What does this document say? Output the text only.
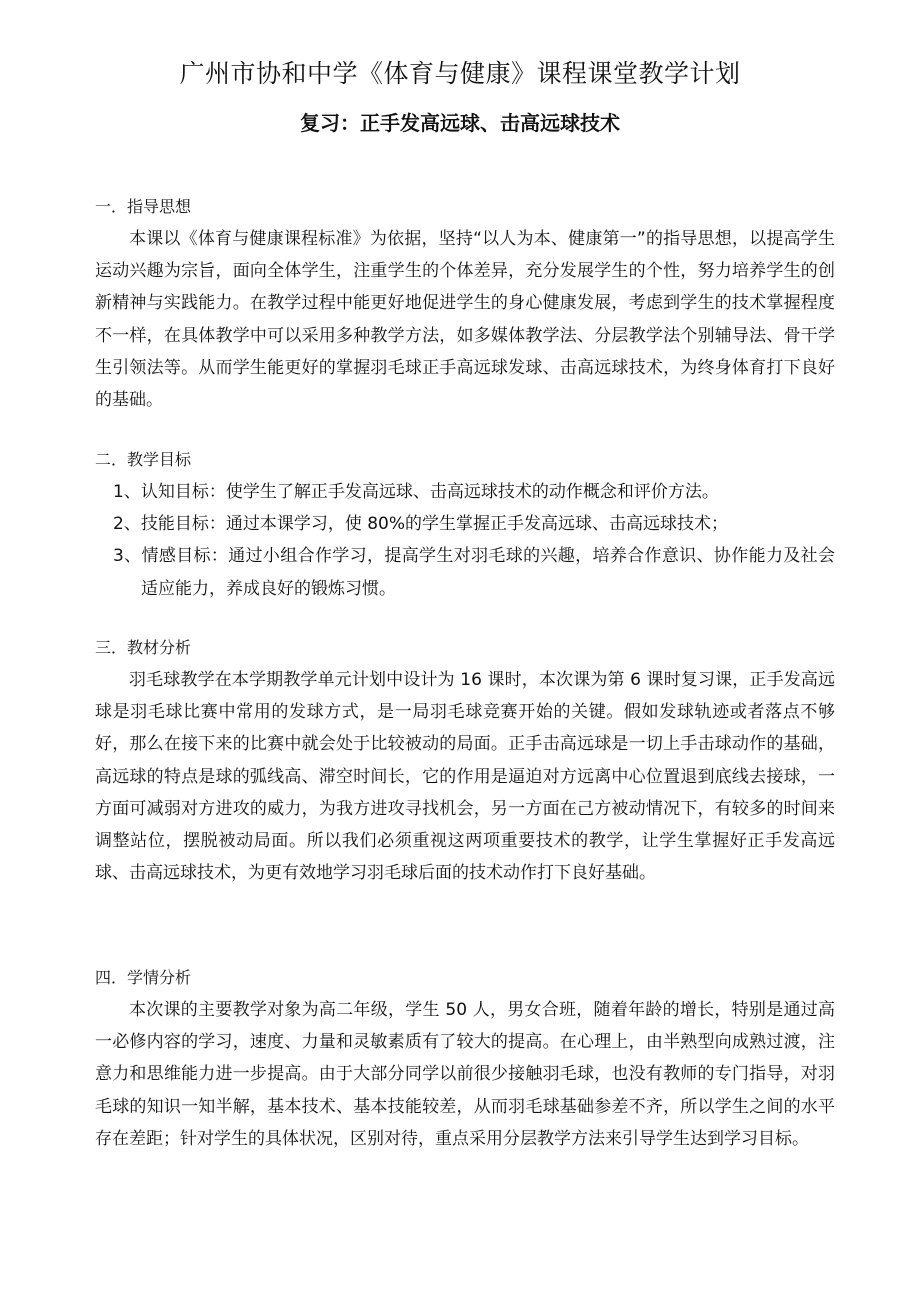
广州市协和中学《体育与健康》课程课堂教学计划
复习：正手发高远球、击高远球技术
一．指导思想

本课以《体育与健康课程标准》为依据，坚持“以人为本、健康第一”的指导思想，以提高学生运动兴趣为宗旨，面向全体学生，注重学生的个体差异，充分发展学生的个性，努力培养学生的创新精神与实践能力。在教学过程中能更好地促进学生的身心健康发展，考虑到学生的技术掌握程度不一样，在具体教学中可以采用多种教学方法，如多媒体教学法、分层教学法个别辅导法、骨干学生引领法等。从而学生能更好的掌握羽毛球正手高远球发球、击高远球技术，为终身体育打下良好的基础。

二．教学目标
1、认知目标：使学生了解正手发高远球、击高远球技术的动作概念和评价方法。
2、技能目标：通过本课学习，使 80%的学生掌握正手发高远球、击高远球技术；
3、情感目标：通过小组合作学习，提高学生对羽毛球的兴趣，培养合作意识、协作能力及社会适应能力，养成良好的锻炼习惯。
三．教材分析

羽毛球教学在本学期教学单元计划中设计为 16 课时，本次课为第 6 课时复习课，正手发高远球是羽毛球比赛中常用的发球方式，是一局羽毛球竞赛开始的关键。假如发球轨迹或者落点不够好，那么在接下来的比赛中就会处于比较被动的局面。正手击高远球是一切上手击球动作的基础， 高远球的特点是球的弧线高、滞空时间长，它的作用是逼迫对方远离中心位置退到底线去接球，一方面可减弱对方进攻的威力，为我方进攻寻找机会，另一方面在己方被动情况下，有较多的时间来调整站位，摆脱被动局面。所以我们必须重视这两项重要技术的教学，让学生掌握好正手发高远球、击高远球技术，为更有效地学习羽毛球后面的技术动作打下良好基础。

四．学情分析

本次课的主要教学对象为高二年级，学生 50 人，男女合班，随着年龄的增长，特别是通过高一必修内容的学习，速度、力量和灵敏素质有了较大的提高。在心理上，由半熟型向成熟过渡，注意力和思维能力进一步提高。由于大部分同学以前很少接触羽毛球，也没有教师的专门指导，对羽毛球的知识一知半解，基本技术、基本技能较差，从而羽毛球基础参差不齐，所以学生之间的水平存在差距；针对学生的具体状况，区别对待，重点采用分层教学方法来引导学生达到学习目标。
